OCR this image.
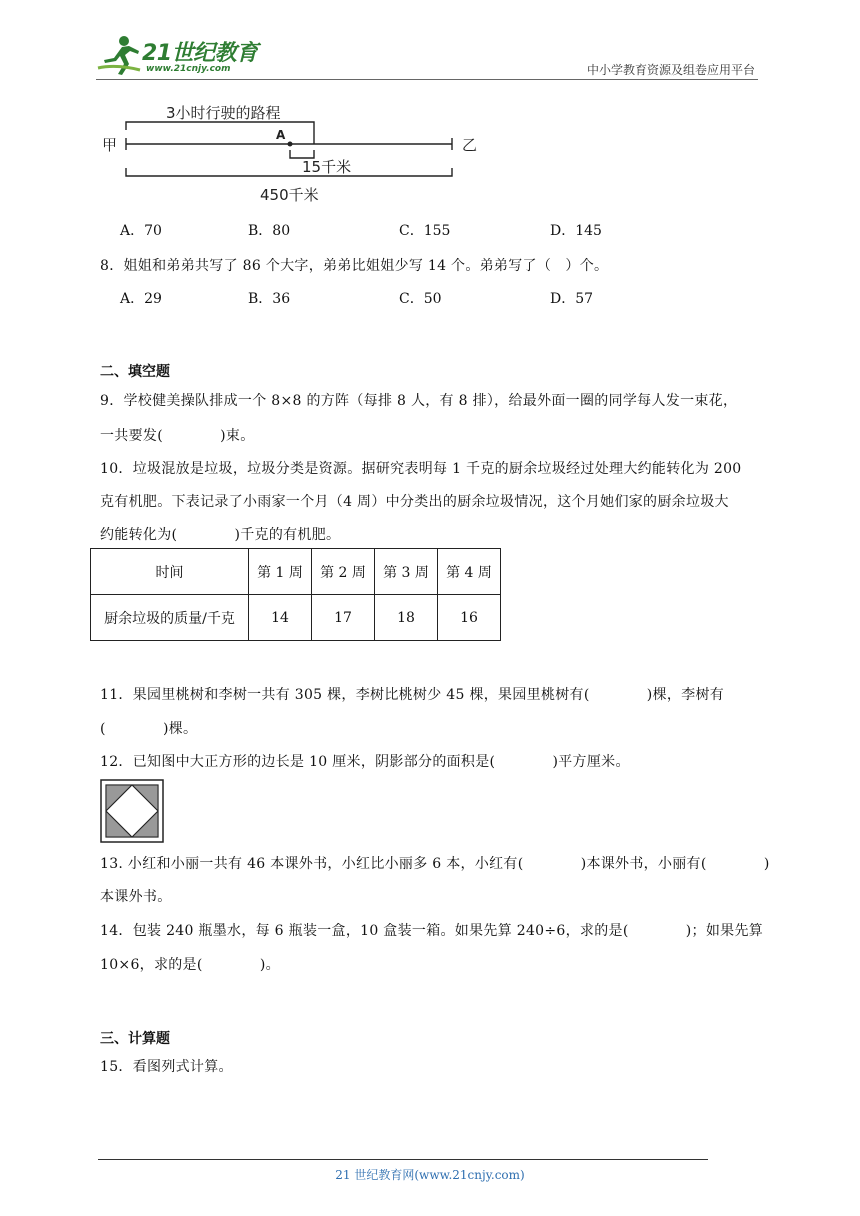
21世纪教育
www.21cnjy.com	中小学教育资源及组卷应用平台
3小时行驶的路程
甲	乙
A
15千米
450千米
A．70	B．80	C．155	D．145
8．姐姐和弟弟共写了 86 个大字，弟弟比姐姐少写 14 个。弟弟写了（　）个。
A．29	B．36	C．50	D．57
二、填空题
9．学校健美操队排成一个 8×8 的方阵（每排 8 人，有 8 排），给最外面一圈的同学每人发一束花，
一共要发(　　　　)束。
10．垃圾混放是垃圾，垃圾分类是资源。据研究表明每 1 千克的厨余垃圾经过处理大约能转化为 200
克有机肥。下表记录了小雨家一个月（4 周）中分类出的厨余垃圾情况，这个月她们家的厨余垃圾大
约能转化为(　　　　)千克的有机肥。
时间	第 1 周	第 2 周	第 3 周	第 4 周
厨余垃圾的质量/千克	14	17	18	16
11．果园里桃树和李树一共有 305 棵，李树比桃树少 45 棵，果园里桃树有(　　　　)棵，李树有
(　　　　)棵。
12．已知图中大正方形的边长是 10 厘米，阴影部分的面积是(　　　　)平方厘米。
13. 小红和小丽一共有 46 本课外书，小红比小丽多 6 本，小红有(　　　　)本课外书，小丽有(　　　　)
本课外书。
14．包装 240 瓶墨水，每 6 瓶装一盒，10 盒装一箱。如果先算 240÷6，求的是(　　　　)；如果先算
10×6，求的是(　　　　)。
三、计算题
15．看图列式计算。
21 世纪教育网(www.21cnjy.com)
